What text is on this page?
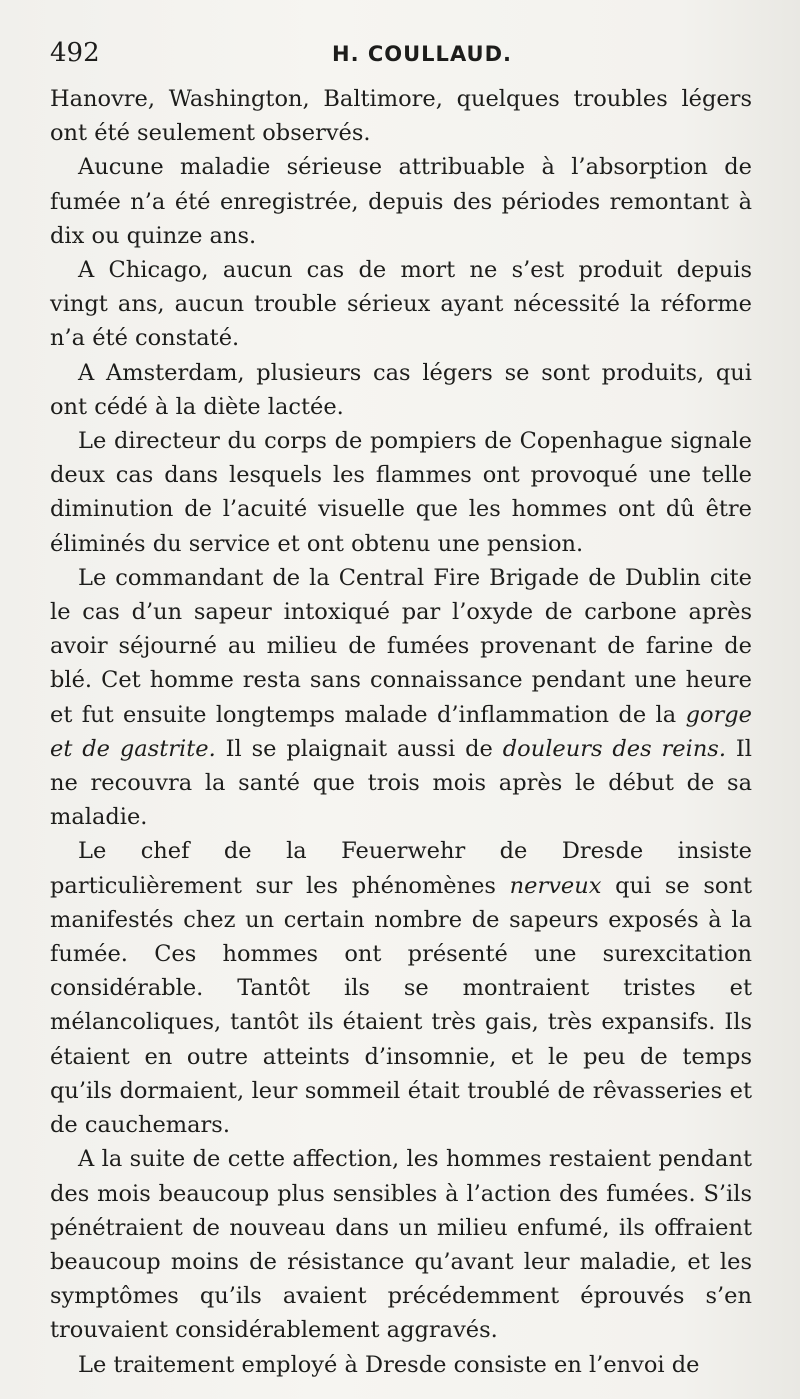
492	H. COULLAUD.

Hanovre, Washington, Baltimore, quelques troubles légers ont été seulement observés.

Aucune maladie sérieuse attribuable à l’absorption de fumée n’a été enregistrée, depuis des périodes remontant à dix ou quinze ans.

A Chicago, aucun cas de mort ne s’est produit depuis vingt ans, aucun trouble sérieux ayant nécessité la réforme n’a été constaté.

A Amsterdam, plusieurs cas légers se sont produits, qui ont cédé à la diète lactée.

Le directeur du corps de pompiers de Copenhague signale deux cas dans lesquels les flammes ont provoqué une telle diminution de l’acuité visuelle que les hommes ont dû être éliminés du service et ont obtenu une pension.

Le commandant de la Central Fire Brigade de Dublin cite le cas d’un sapeur intoxiqué par l’oxyde de carbone après avoir séjourné au milieu de fumées provenant de farine de blé. Cet homme resta sans connaissance pendant une heure et fut ensuite longtemps malade d’inflammation de la gorge et de gastrite. Il se plaignait aussi de douleurs des reins. Il ne recouvra la santé que trois mois après le début de sa maladie.

Le chef de la Feuerwehr de Dresde insiste particulièrement sur les phénomènes nerveux qui se sont manifestés chez un certain nombre de sapeurs exposés à la fumée. Ces hommes ont présenté une surexcitation considérable. Tantôt ils se montraient tristes et mélancoliques, tantôt ils étaient très gais, très expansifs. Ils étaient en outre atteints d’insomnie, et le peu de temps qu’ils dormaient, leur sommeil était troublé de rêvasseries et de cauchemars.

A la suite de cette affection, les hommes restaient pendant des mois beaucoup plus sensibles à l’action des fumées. S’ils pénétraient de nouveau dans un milieu enfumé, ils offraient beaucoup moins de résistance qu’avant leur maladie, et les symptômes qu’ils avaient précédemment éprouvés s’en trouvaient considérablement aggravés.

Le traitement employé à Dresde consiste en l’envoi de
